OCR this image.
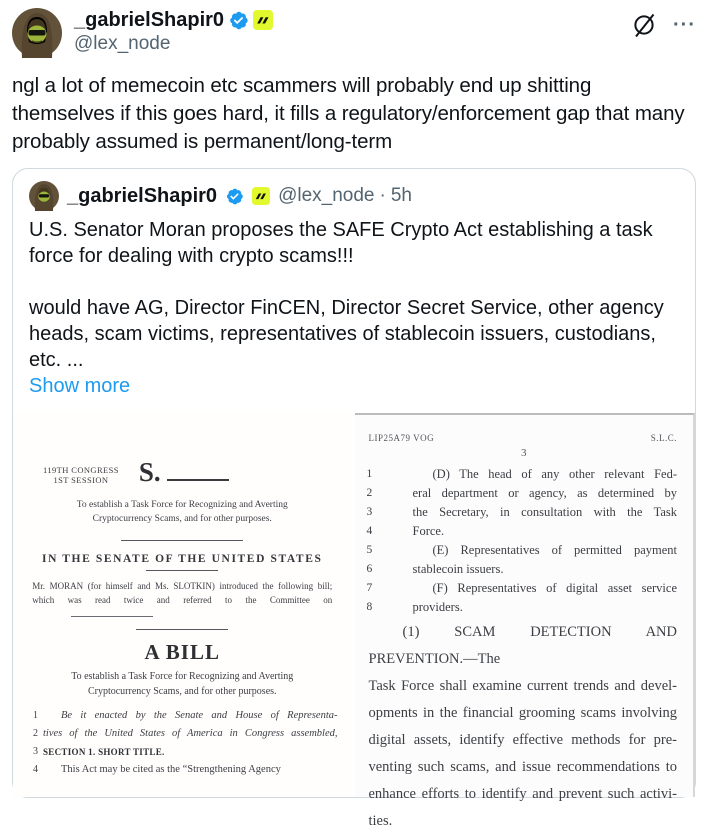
_gabrielShapir0
@lex_node
···

ngl a lot of memecoin etc scammers will probably end up shitting themselves if this goes hard, it fills a regulatory/enforcement gap that many probably assumed is permanent/long-term

_gabrielShapir0	@lex_node · 5h

U.S. Senator Moran proposes the SAFE Crypto Act establishing a task force for dealing with crypto scams!!!

would have AG, Director FinCEN, Director Secret Service, other agency heads, scam victims, representatives of stablecoin issuers, custodians, etc. ...

Show more
119TH CONGRESS
1ST SESSION	S.
To establish a Task Force for Recognizing and Averting Cryptocurrency Scams, and for other purposes.
IN THE SENATE OF THE UNITED STATES
Mr. MORAN (for himself and Ms. SLOTKIN) introduced the following bill;
which was read twice and referred to the Committee on
A BILL
To establish a Task Force for Recognizing and Averting Cryptocurrency Scams, and for other purposes.
1	Be it enacted by the Senate and House of Representa-
2 tives of the United States of America in Congress assembled,
3 SECTION 1. SHORT TITLE.
4	This Act may be cited as the “Strengthening Agency
LIP25A79 VOG	S.L.C.
3
1	(D) The head of any other relevant Fed-
2	eral department or agency, as determined by
3	the Secretary, in consultation with the Task
4	Force.
5	(E) Representatives of permitted payment
6	stablecoin issuers.
7	(F) Representatives of digital asset service
8	providers.
(1) SCAM DETECTION AND PREVENTION.—The
Task Force shall examine current trends and devel-
opments in the financial grooming scams involving
digital assets, identify effective methods for pre-
venting such scams, and issue recommendations to
enhance efforts to identify and prevent such activi-
ties.
